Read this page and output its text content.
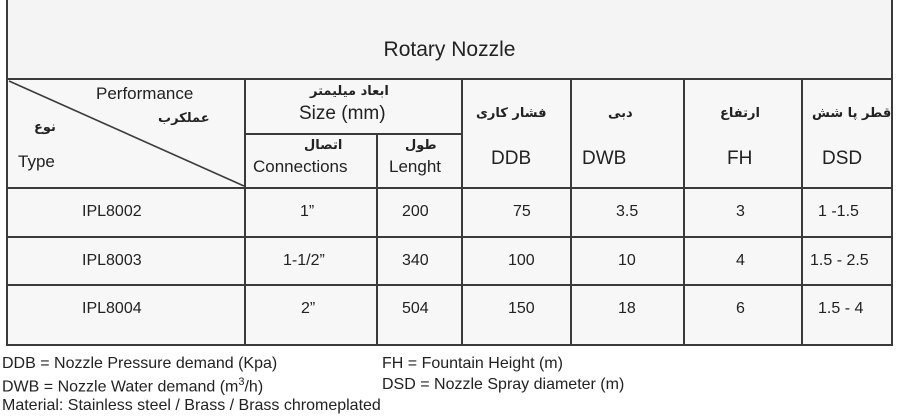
Rotary Nozzle
Performance
عملکرب
نوع
Type
ابعاد میلیمتر
Size (mm)
اتصال
Connections
طول
Lenght
فشار کاری
DDB
دبی
DWB
ارتفاع
FH
قطر پا شش
DSD
IPL8002	1”	200	75	3.5	3	1 -1.5
IPL8003	1-1/2”	340	100	10	4	1.5 - 2.5
IPL8004	2”	504	150	18	6	1.5 - 4
DDB = Nozzle Pressure demand (Kpa)
DWB = Nozzle Water demand $(m^3/h)$
FH = Fountain Height (m)
DSD = Nozzle Spray diameter (m)
Material: Stainless steel / Brass / Brass chromeplated
